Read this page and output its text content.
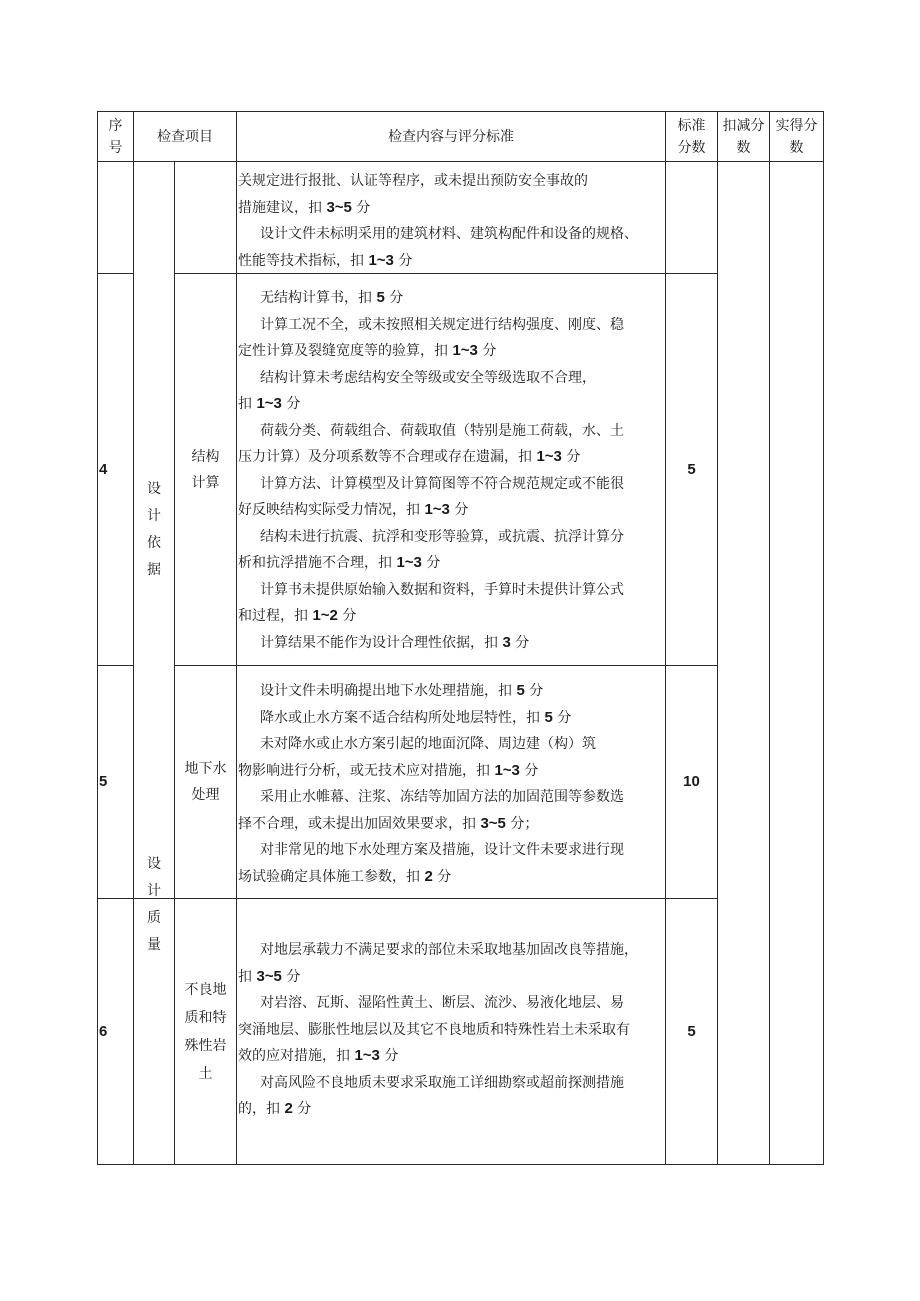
序
号
检查项目	检查内容与评分标准
标准
分数
扣减分
数
实得分
数
设
计
依
据
设
计
质
量
4
5
6
结构
计算
地下水
处理
不良地
质和特
殊性岩
土
5
10
5
关规定进行报批、认证等程序，或未提出预防安全事故的
措施建议，扣 3~5 分
设计文件未标明采用的建筑材料、建筑构配件和设备的规格、
性能等技术指标，扣 1~3 分
无结构计算书，扣 5 分
计算工况不全，或未按照相关规定进行结构强度、刚度、稳
定性计算及裂缝宽度等的验算，扣 1~3 分
结构计算未考虑结构安全等级或安全等级选取不合理，
扣 1~3 分
荷载分类、荷载组合、荷载取值（特别是施工荷载，水、土
压力计算）及分项系数等不合理或存在遗漏，扣 1~3 分
计算方法、计算模型及计算简图等不符合规范规定或不能很
好反映结构实际受力情况，扣 1~3 分
结构未进行抗震、抗浮和变形等验算，或抗震、抗浮计算分
析和抗浮措施不合理，扣 1~3 分
计算书未提供原始输入数据和资料，手算时未提供计算公式
和过程，扣 1~2 分
计算结果不能作为设计合理性依据，扣 3 分
设计文件未明确提出地下水处理措施，扣 5 分
降水或止水方案不适合结构所处地层特性，扣 5 分
未对降水或止水方案引起的地面沉降、周边建（构）筑
物影响进行分析，或无技术应对措施，扣 1~3 分
采用止水帷幕、注浆、冻结等加固方法的加固范围等参数选
择不合理，或未提出加固效果要求，扣 3~5 分；
对非常见的地下水处理方案及措施，设计文件未要求进行现
场试验确定具体施工参数，扣 2 分
对地层承载力不满足要求的部位未采取地基加固改良等措施，
扣 3~5 分
对岩溶、瓦斯、湿陷性黄土、断层、流沙、易液化地层、易
突涌地层、膨胀性地层以及其它不良地质和特殊性岩土未采取有
效的应对措施，扣 1~3 分
对高风险不良地质未要求采取施工详细勘察或超前探测措施
的，扣 2 分
